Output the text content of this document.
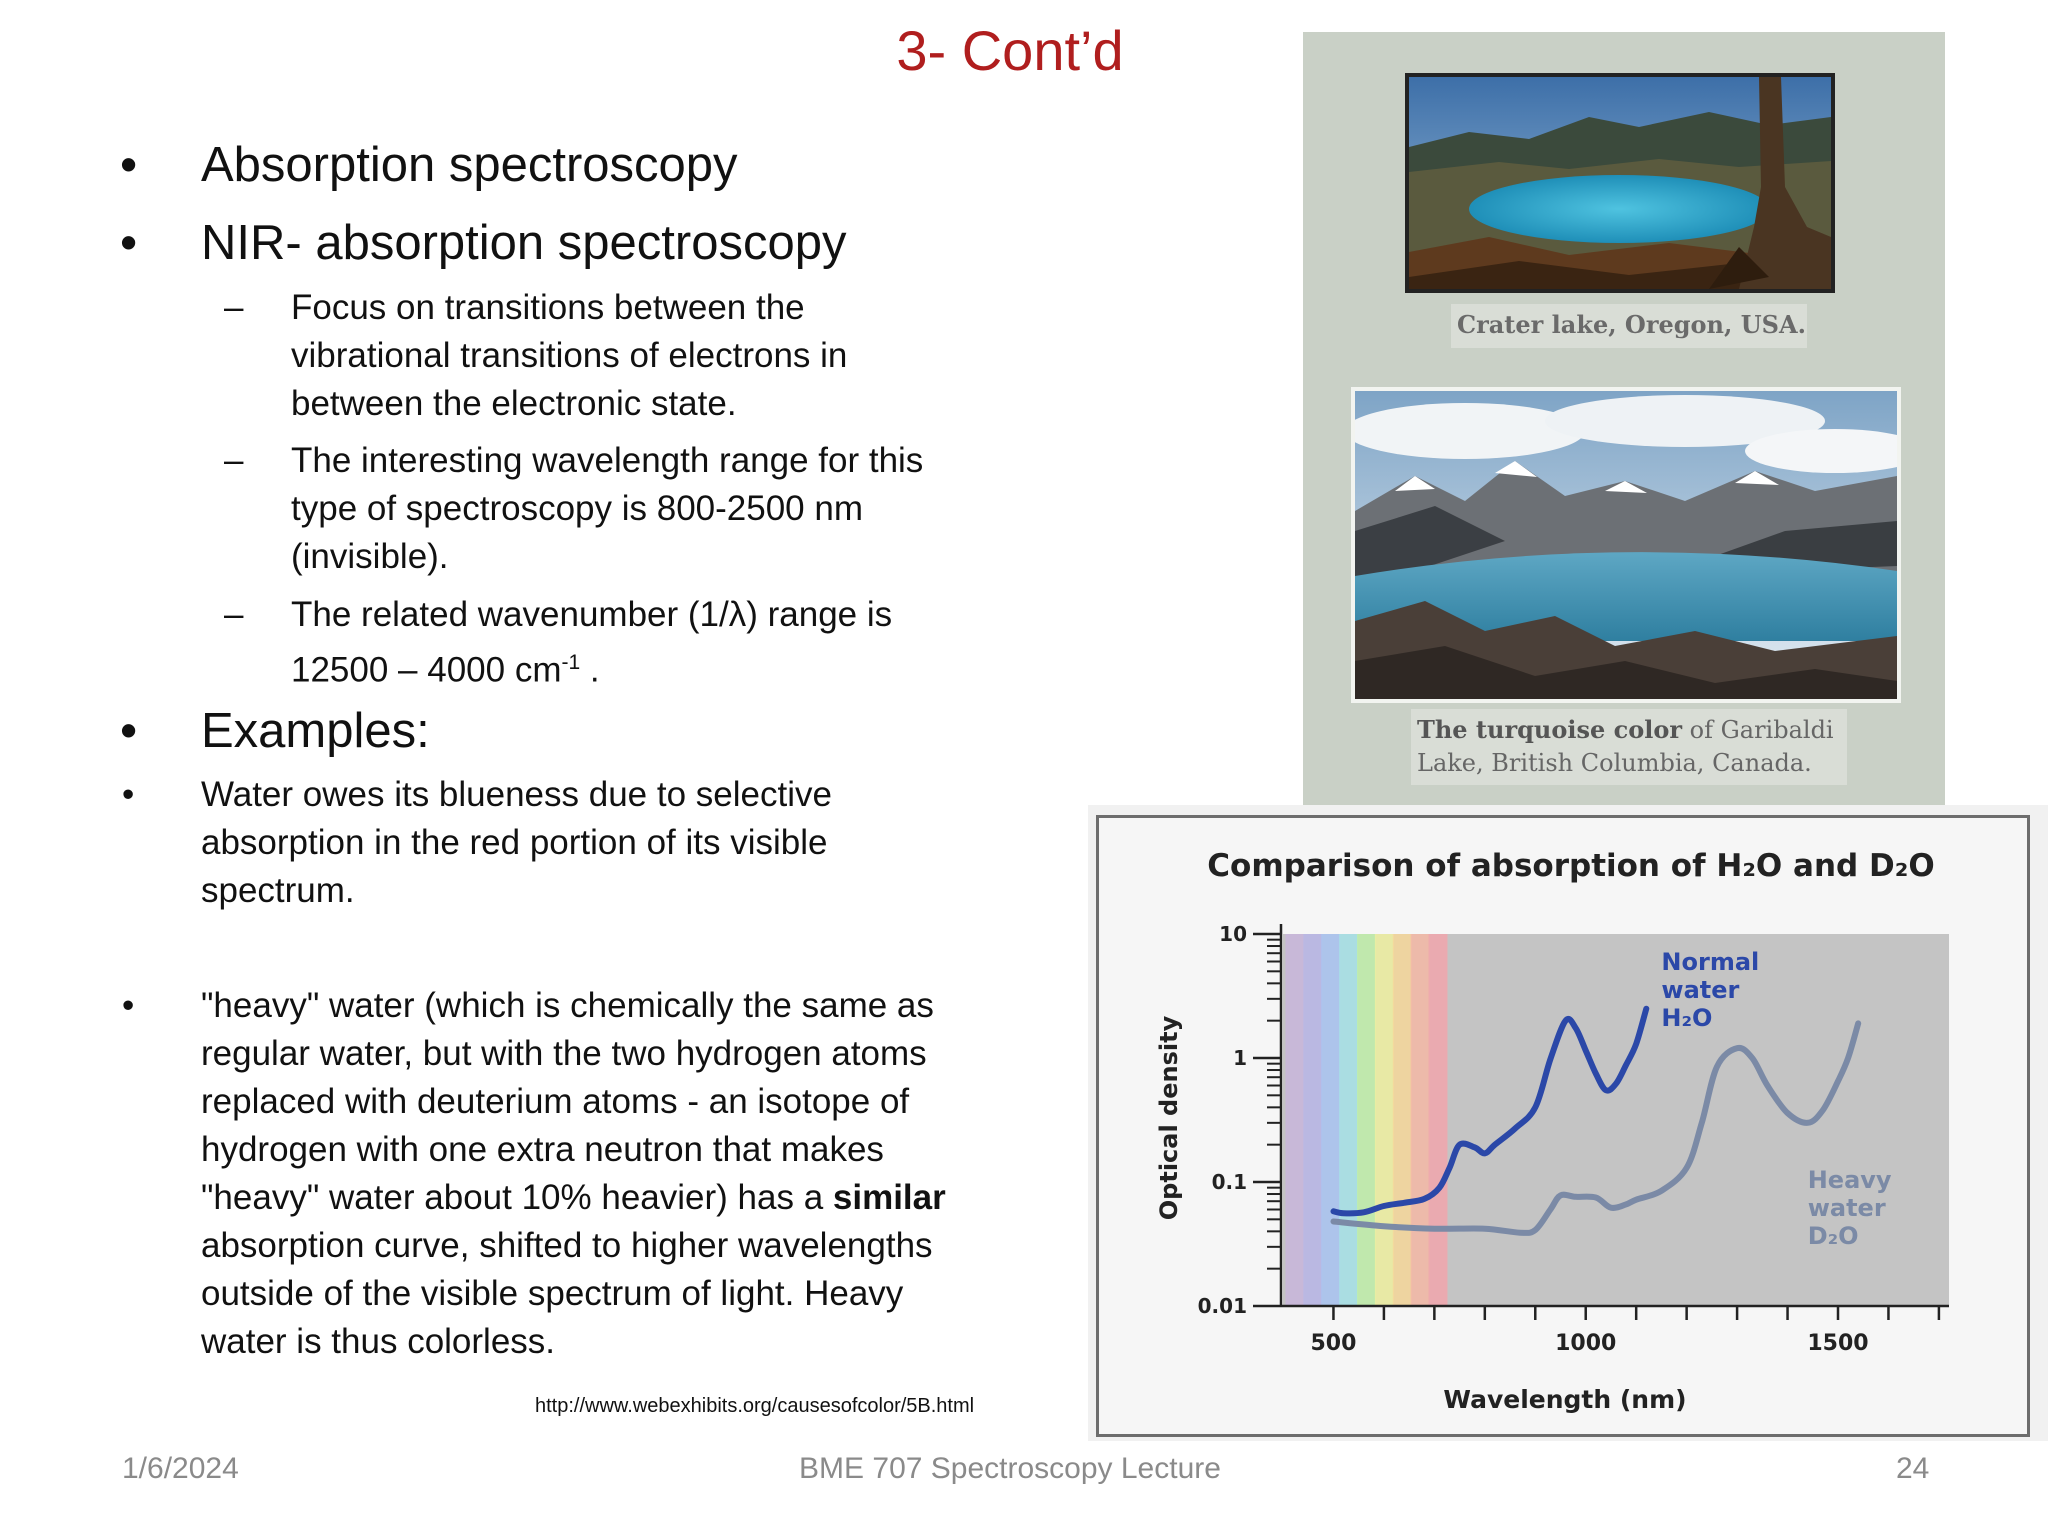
3- Cont’d
• Absorption spectroscopy
• NIR- absorption spectroscopy
– Focus on transitions between the
vibrational transitions of electrons in
between the electronic state.
– The interesting wavelength range for this
type of spectroscopy is 800-2500 nm
(invisible).
– The related wavenumber (1/λ) range is
12500 – 4000 $cm^{-1}$ .
• Examples:
• Water owes its blueness due to selective
absorption in the red portion of its visible
spectrum.
• "heavy" water (which is chemically the same as
regular water, but with the two hydrogen atoms
replaced with deuterium atoms - an isotope of
hydrogen with one extra neutron that makes
"heavy" water about 10% heavier) has a similar
absorption curve, shifted to higher wavelengths
outside of the visible spectrum of light. Heavy
water is thus colorless.
http://www.webexhibits.org/causesofcolor/5B.html
Crater lake, Oregon, USA.
The turquoise color of Garibaldi
Lake, British Columbia, Canada.
Comparison of absorption of H₂O and D₂O
Optical density
Wavelength (nm)
0.01
0.1
1
10
500	1000	1500
Normal
water
H₂O
Heavy
water
D₂O
1/6/2024	BME 707 Spectroscopy Lecture	24
